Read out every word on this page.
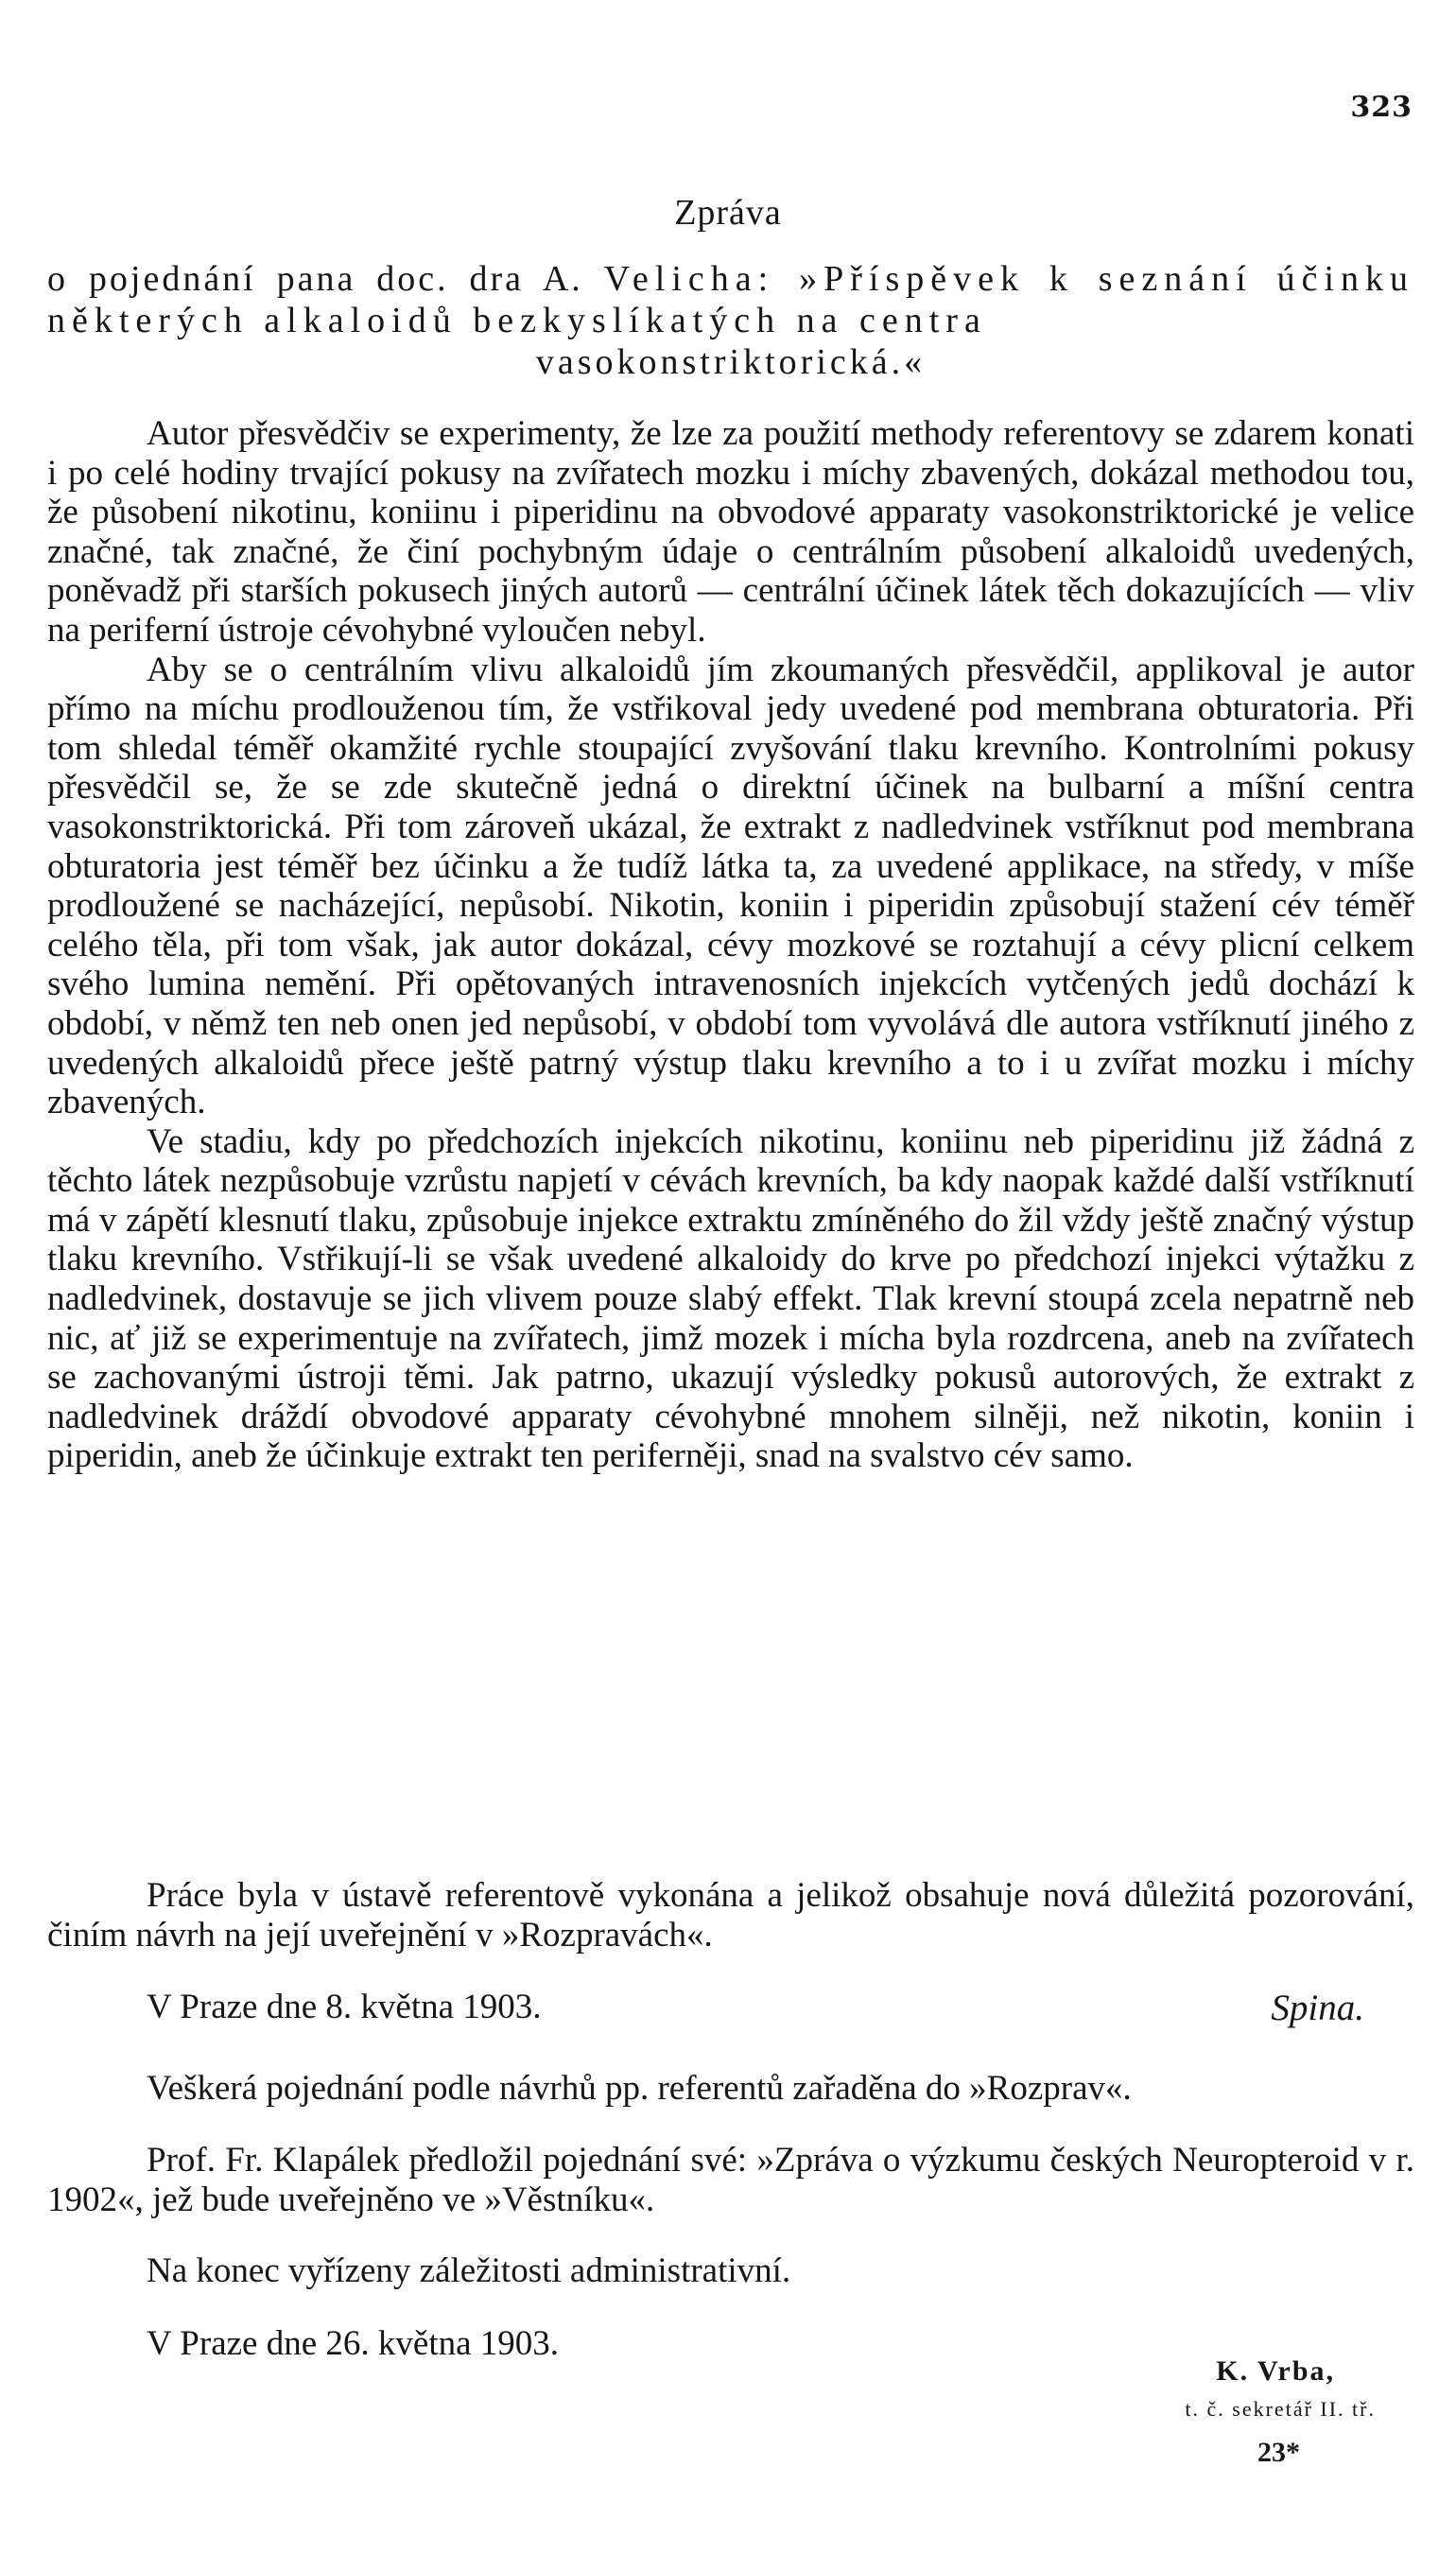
323
Zpráva
o pojednání pana doc. dra A. Velicha: »Příspěvek k seznání účinku některých alkaloidů bezkyslíkatých na centra
vasokonstriktorická.«

Autor přesvědčiv se experimenty, že lze za použití methody referentovy se zdarem konati i po celé hodiny trvající pokusy na zvířatech mozku i míchy zbavených, dokázal methodou tou, že působení nikotinu, koniinu i piperidinu na obvodové apparaty vasokonstriktorické je velice značné, tak značné, že činí pochybným údaje o centrálním působení alkaloidů uvedených, poněvadž při starších pokusech jiných autorů — centrální účinek látek těch dokazujících — vliv na periferní ústroje cévohybné vyloučen nebyl.

Aby se o centrálním vlivu alkaloidů jím zkoumaných přesvědčil, applikoval je autor přímo na míchu prodlouženou tím, že vstřikoval jedy uvedené pod membrana obturatoria. Při tom shledal téměř okamžité rychle stoupající zvyšování tlaku krevního. Kontrolními pokusy přesvědčil se, že se zde skutečně jedná o direktní účinek na bulbarní a míšní centra vasokonstriktorická. Při tom zároveň ukázal, že extrakt z nadledvinek vstříknut pod membrana obturatoria jest téměř bez účinku a že tudíž látka ta, za uvedené applikace, na středy, v míše prodloužené se nacházející, nepůsobí. Nikotin, koniin i piperidin způsobují stažení cév téměř celého těla, při tom však, jak autor dokázal, cévy mozkové se roztahují a cévy plicní celkem svého lumina nemění. Při opětovaných intravenosních injekcích vytčených jedů dochází k období, v němž ten neb onen jed nepůsobí, v období tom vyvolává dle autora vstříknutí jiného z uvedených alkaloidů přece ještě patrný výstup tlaku krevního a to i u zvířat mozku i míchy zbavených.

Ve stadiu, kdy po předchozích injekcích nikotinu, koniinu neb piperidinu již žádná z těchto látek nezpůsobuje vzrůstu napjetí v cévách krevních, ba kdy naopak každé další vstříknutí má v zápětí klesnutí tlaku, způsobuje injekce extraktu zmíněného do žil vždy ještě značný výstup tlaku krevního. Vstřikují-li se však uvedené alkaloidy do krve po předchozí injekci výtažku z nadledvinek, dostavuje se jich vlivem pouze slabý effekt. Tlak krevní stoupá zcela nepatrně neb nic, ať již se experimentuje na zvířatech, jimž mozek i mícha byla rozdrcena, aneb na zvířatech se zachovanými ústroji těmi. Jak patrno, ukazují výsledky pokusů autorových, že extrakt z nadledvinek dráždí obvodové apparaty cévohybné mnohem silněji, než nikotin, koniin i piperidin, aneb že účinkuje extrakt ten periferněji, snad na svalstvo cév samo.

Práce byla v ústavě referentově vykonána a jelikož obsahuje nová důležitá pozorování, činím návrh na její uveřejnění v »Rozpravách«.

V Praze dne 8. května 1903.	Spina.

Veškerá pojednání podle návrhů pp. referentů zařaděna do »Rozprav«.

Prof. Fr. Klapálek předložil pojednání své: »Zpráva o výzkumu českých Neuropteroid v r. 1902«, jež bude uveřejněno ve »Věstníku«.

Na konec vyřízeny záležitosti administrativní.

V Praze dne 26. května 1903.
K. Vrba,
t. č. sekretář II. tř.
23*
